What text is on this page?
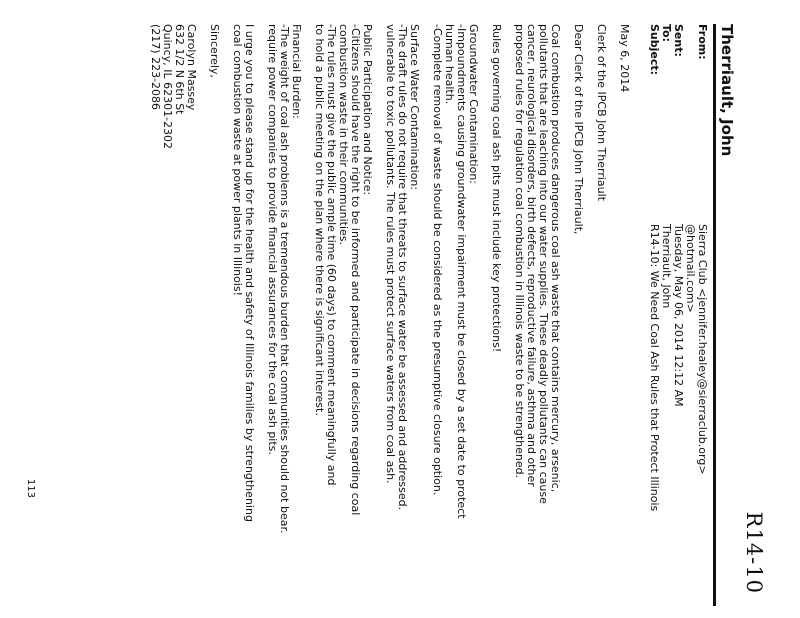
R14-10
Therriault, John
From:
Sierra Club <jennifer.healey@sierraclub.org>
@hotmail.com>
Sent:
Tuesday, May 06, 2014 12:12 AM
To:
Therriault, John
Subject:
R14-10: We Need Coal Ash Rules that Protect Illinois
May 6, 2014
Clerk of the IPCB John Therriault
Dear Clerk of the IPCB John Therriault,
Coal combustion produces dangerous coal ash waste that contains mercury, arsenic,
pollutants that are leaching into our water supplies. These deadly pollutants can cause
cancer, neurological disorders, birth defects, reproductive failure, asthma and other
proposed rules for regulation coal combustion in Illinois waste to be strengthened.
Rules governing coal ash pits must include key protections!
Groundwater Contamination:
-Impoundments causing groundwater impairment must be closed by a set date to protect
human health.
-Complete removal of waste should be considered as the presumptive closure option.
Surface Water Contamination:
-The draft rules do not require that threats to surface water be assessed and addressed.
vulnerable to toxic pollutants. The rules must protect surface waters from coal ash.
Public Participation and Notice:
-Citizens should have the right to be informed and participate in decisions regarding coal
combustion waste in their communities.
-The rules must give the public ample time (60 days) to comment meaningfully and
to hold a public meeting on the plan where there is significant interest.
Financial Burden:
-The weight of coal ash problems is a tremendous burden that communities should not bear.
require power companies to provide financial assurances for the coal ash pits.
I urge you to please stand up for the health and safety of Illinois families by strengthening
coal combustion waste at power plants in Illinois!
Sincerely,
Carolyn Massey
632 1/2 N 6th St
Quincy, IL 62301-2302
(217) 223-2086
113
